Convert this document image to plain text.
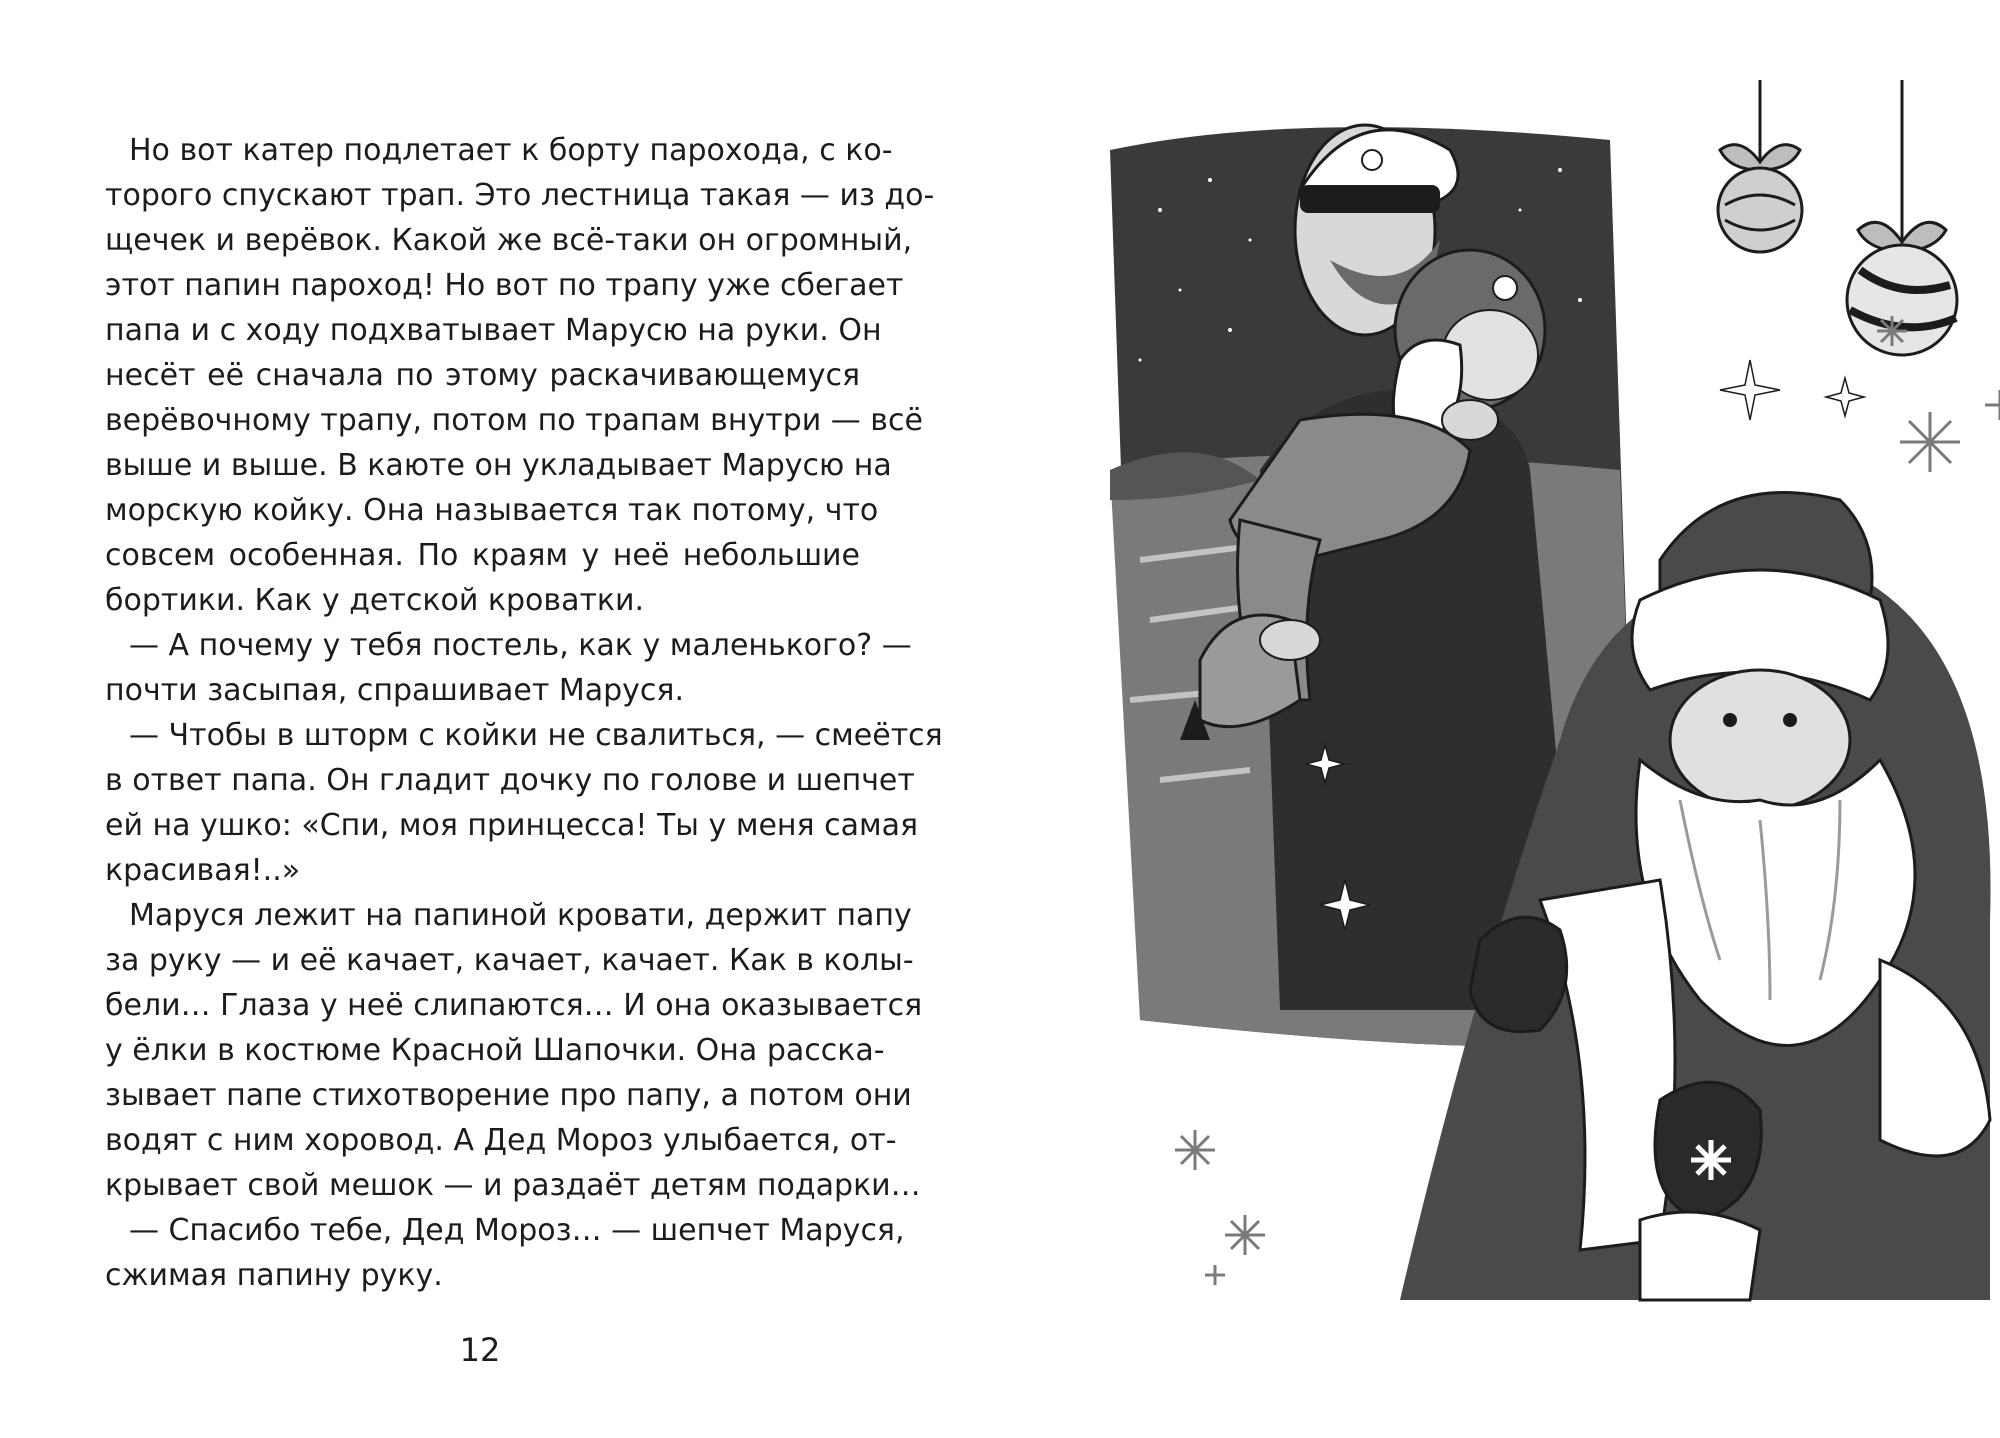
Но вот катер подлетает к борту парохода, с ко-
торого спускают трап. Это лестница такая — из до-
щечек и верёвок. Какой же всё-таки он огромный,
этот папин пароход! Но вот по трапу уже сбегает
папа и с ходу подхватывает Марусю на руки. Он
несёт её сначала по этому раскачивающемуся
верёвочному трапу, потом по трапам внутри — всё
выше и выше. В каюте он укладывает Марусю на
морскую койку. Она называется так потому, что
совсем особенная. По краям у неё небольшие
бортики. Как у детской кроватки.
— А почему у тебя постель, как у маленького? —
почти засыпая, спрашивает Маруся.
— Чтобы в шторм с койки не свалиться, — смеётся
в ответ папа. Он гладит дочку по голове и шепчет
ей на ушко: «Спи, моя принцесса! Ты у меня самая
красивая!..»
Маруся лежит на папиной кровати, держит папу
за руку — и её качает, качает, качает. Как в колы-
бели… Глаза у неё слипаются… И она оказывается
у ёлки в костюме Красной Шапочки. Она расска-
зывает папе стихотворение про папу, а потом они
водят с ним хоровод. А Дед Мороз улыбается, от-
крывает свой мешок — и раздаёт детям подарки…
— Спасибо тебе, Дед Мороз… — шепчет Маруся,
сжимая папину руку.
12
